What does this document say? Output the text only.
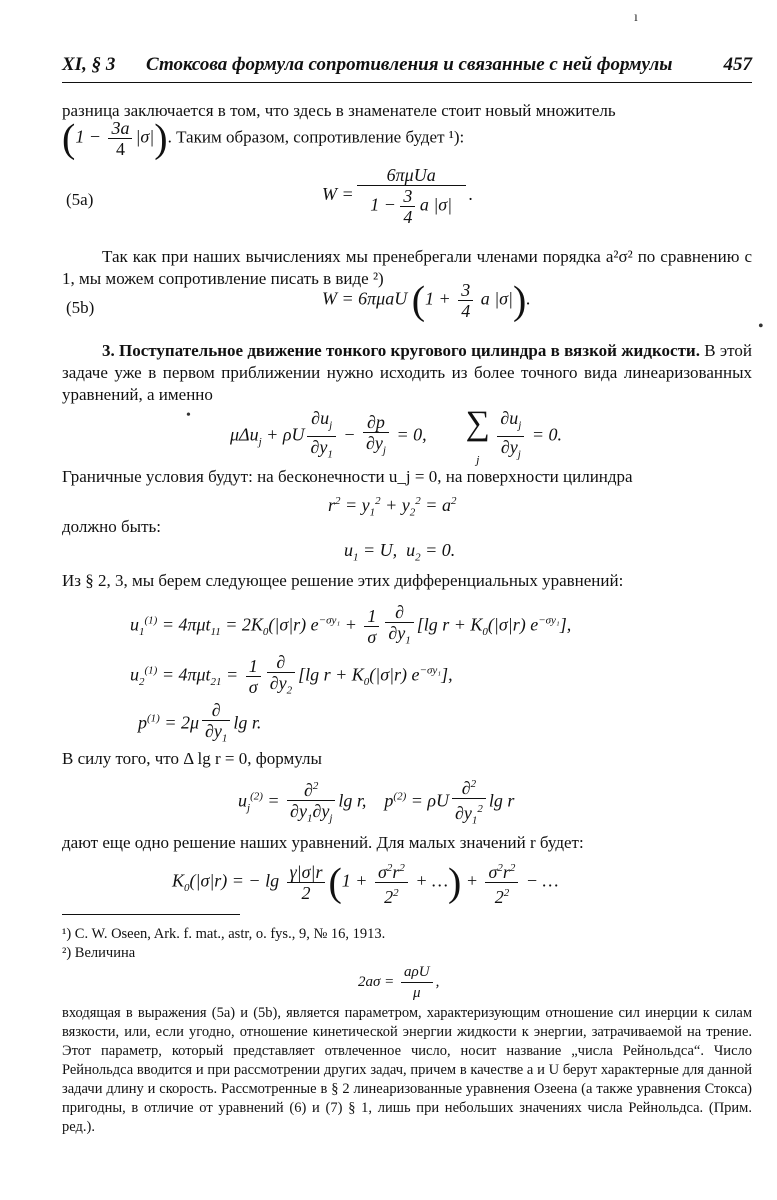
ı
XI, § 3 Стоксова формула сопротивления и связанные с ней формулы	457
разница заключается в том, что здесь в знаменателе стоит новый множитель
$(1 - \frac{3a}{4} |\sigma|)$. Таким образом, сопротивление будет ¹):
(5a)	$W = \frac{\text{6πμUa}}{1 - \frac{3}{4} a |\sigma|}$ .
Так как при наших вычислениях мы пренебрегали членами порядка a²σ² по сравнению с 1, мы можем сопротивление писать в виде ²)
(5b)	W = 6πμaU ($1 + \frac{3}{4}$ a |σ|).
•
3. Поступательное движение тонкого кругового цилиндра в вязкой жидкости. В этой задаче уже в первом приближении нужно исходить из более точного вида линеаризованных уравнений, а именно
•
μΔu$_j$ + ρU $\frac{\partial u_j}{\partial y_1} - \frac{\partial p}{\partial y_j} = 0$,  ∑
$_j \frac{\partial u_j}{\partial y_j} = 0$.
Граничные условия будут: на бесконечности u_j = 0, на поверхности цилиндра
$r^2 = y_1^2 + y_2^2 = a^2$
должно быть:
$u_1 = U$,  $u_2 = 0$.
Из § 2, 3, мы берем следующее решение этих дифференциальных уравнений:
$u_1^{(1)} = 4\pi\mu t_{11} = 2K_0(|\sigma|r) e^{-\sigma y_1} + \frac{1}{\sigma} \frac{\partial}{\partial y_1} [\lg$ $r + K_0(|\sigma|r)$ $e^{-\sigma y_1}$],
$u_2^{(1)} = 4\pi\mu t_{21} = \frac{1}{\sigma} \frac{\partial}{\partial y_2} [\lg$ $r + K_0(|\sigma|r)$ $e^{-\sigma y_1}$],
$p^{(1)} = 2\mu \frac{\partial}{\partial y_1}$ lg r.
В силу того, что Δ lg r = 0, формулы
$u_j^{(2)} = \frac{\partial^2}{\partial y_1\partial y_j}$ lg r,    $p^{(2)} = \rho U \frac{\partial^2}{\partial y_1^2}$ lg r
дают еще одно решение наших уравнений. Для малых значений r будет:
$K_0(|\sigma|r)$ = − $\lg \frac{\gamma|\sigma|r}{2} (1 + \frac{\sigma^2r^2}{2^2}$ + …) + $\frac{\sigma^2r^2}{2^2}$ − …
¹) C. W. Oseen, Ark. f. mat., astr, o. fys., 9, № 16, 1913.
²) Величина
$2a\sigma = \frac{\text{aρU}}{\mu}$ ,
входящая в выражения (5а) и (5b), является параметром, характеризующим отношение сил инерции к силам вязкости, или, если угодно, отношение кинетической энергии жидкости к энергии, затрачиваемой на трение. Этот параметр, который представляет отвлеченное число, носит название „числа Рейнольдса“. Число Рейнольдса вводится и при рассмотрении других задач, причем в качестве a и U берут характерные для данной задачи длину и скорость. Рассмотренные в § 2 линеаризованные уравнения Озеена (а также уравнения Стокса) пригодны, в отличие от уравнений (6) и (7) § 1, лишь при небольших значениях числа Рейнольдса. (Прим. ред.).
